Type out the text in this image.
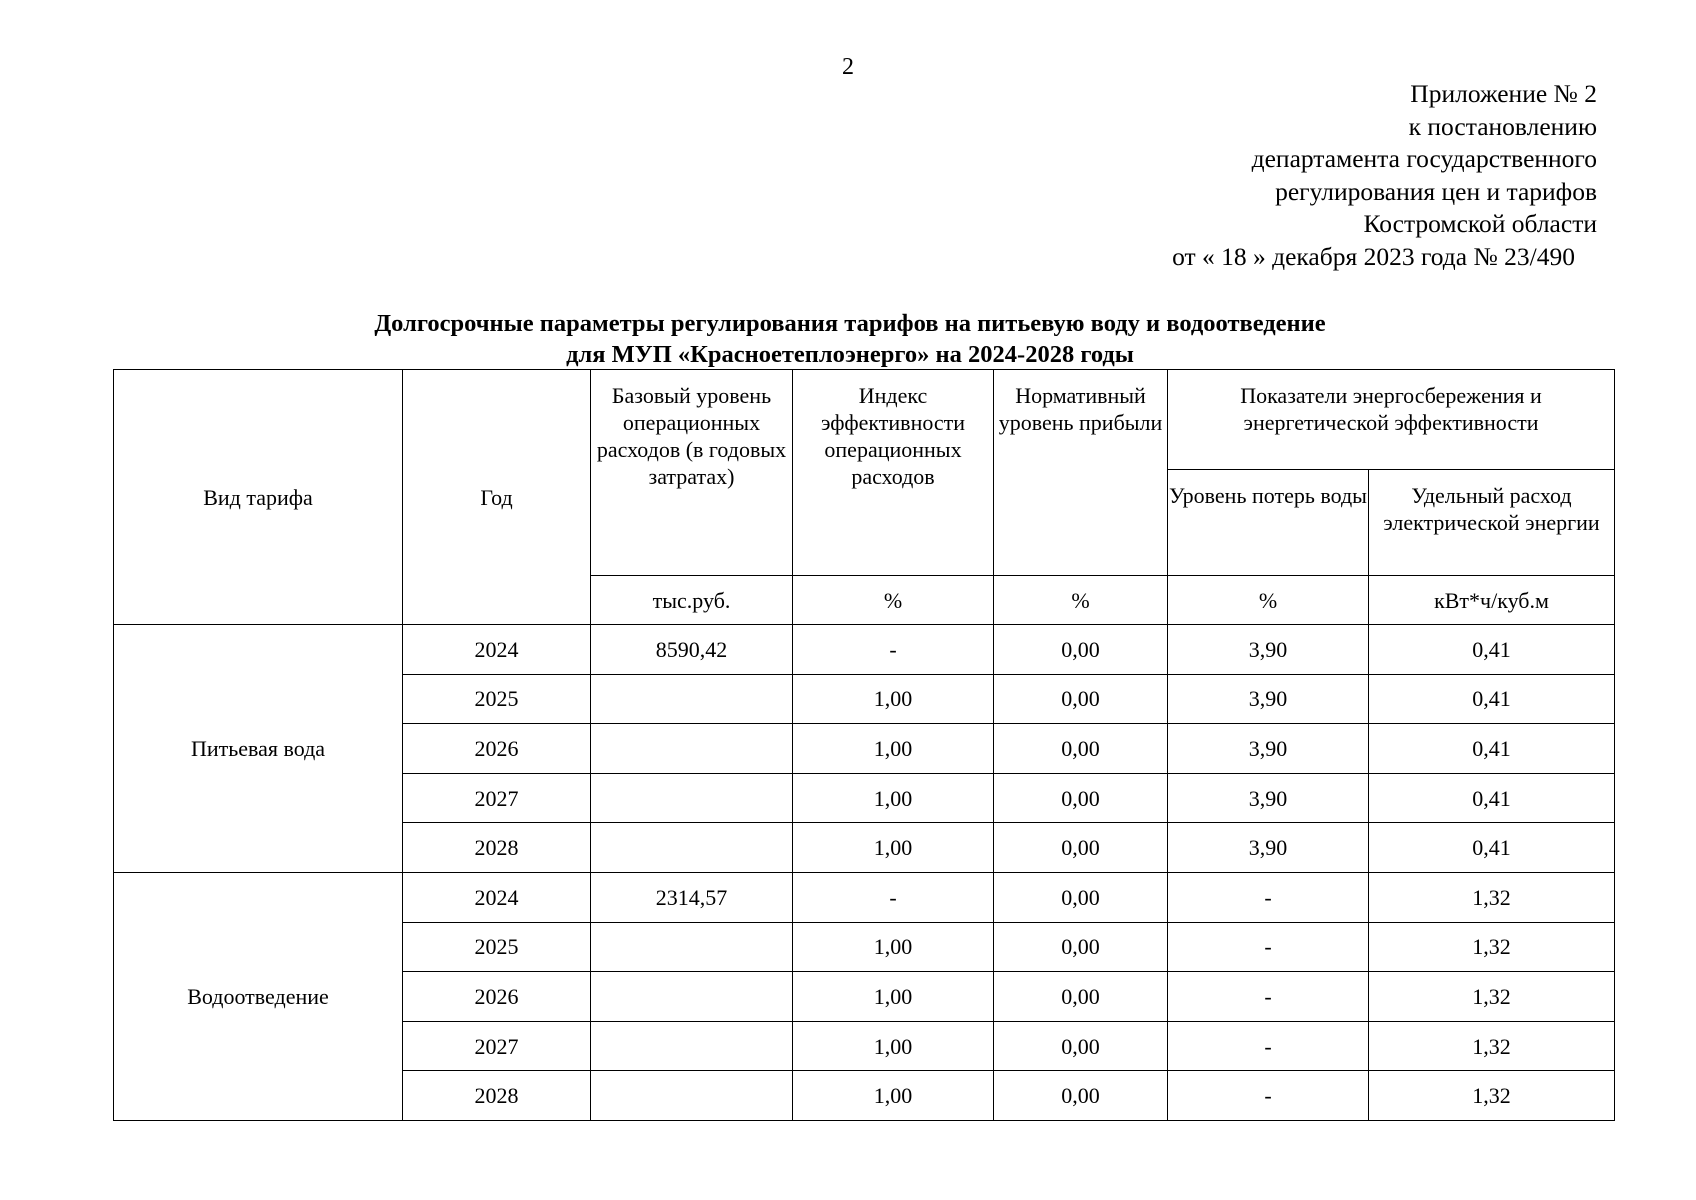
2
Приложение № 2
к постановлению
департамента государственного
регулирования цен и тарифов
Костромской области
от « 18 » декабря 2023 года № 23/490
Долгосрочные параметры регулирования тарифов на питьевую воду и водоотведение
для МУП «Красноетеплоэнерго» на 2024-2028 годы
Вид тарифа	Год	Базовый уровень операционных расходов (в годовых затратах)	Индекс эффективности операционных расходов	Нормативный уровень прибыли	Показатели энергосбережения и энергетической эффективности	
					Уровень потерь воды	Удельный расход электрической энергии
		тыс.руб.	%	%	%	кВт*ч/куб.м
Питьевая вода	2024	8590,42	-	0,00	3,90	0,41
	2025		1,00	0,00	3,90	0,41
	2026		1,00	0,00	3,90	0,41
	2027		1,00	0,00	3,90	0,41
	2028		1,00	0,00	3,90	0,41
Водоотведение	2024	2314,57	-	0,00	-	1,32
	2025		1,00	0,00	-	1,32
	2026		1,00	0,00	-	1,32
	2027		1,00	0,00	-	1,32
	2028		1,00	0,00	-	1,32
